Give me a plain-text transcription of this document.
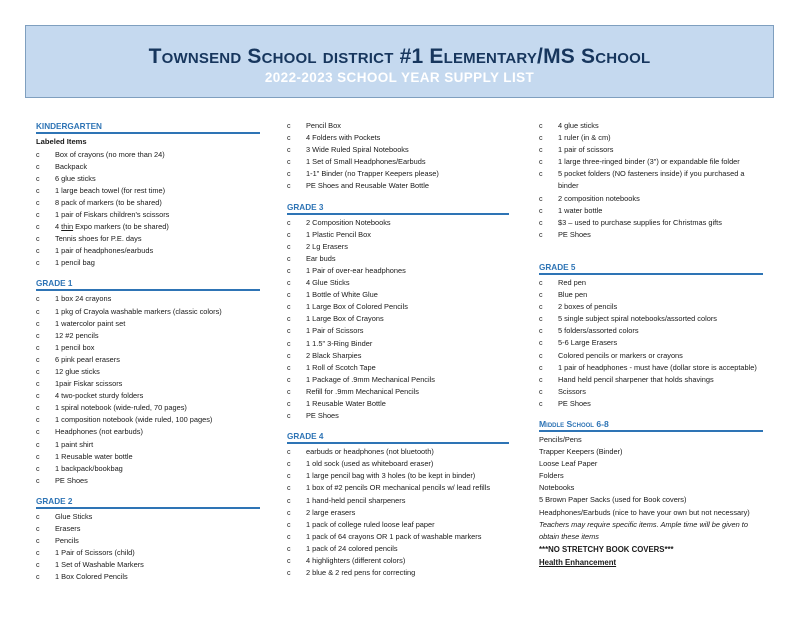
Townsend School district #1 Elementary/MS School
2022-2023 SCHOOL YEAR SUPPLY LIST
KINDERGARTEN
Labeled Items
c Box of crayons (no more than 24)
c Backpack
c 6 glue sticks
c 1 large beach towel (for rest time)
c 8 pack of markers (to be shared)
c 1 pair of Fiskars children's scissors
c 4 thin Expo markers (to be shared)
c Tennis shoes for P.E. days
c 1 pair of headphones/earbuds
c 1 pencil bag
GRADE 1
c 1 box 24 crayons
c 1 pkg of Crayola washable markers (classic colors)
c 1 watercolor paint set
c 12 #2 pencils
c 1 pencil box
c 6 pink pearl erasers
c 12 glue sticks
c 1pair Fiskar scissors
c 4 two-pocket sturdy folders
c 1 spiral notebook (wide-ruled, 70 pages)
c 1 composition notebook (wide ruled, 100 pages)
c Headphones (not earbuds)
c 1 paint shirt
c 1 Reusable water bottle
c 1 backpack/bookbag
c PE Shoes
GRADE 2
c Glue Sticks
c Erasers
c Pencils
c 1 Pair of Scissors (child)
c 1 Set of Washable Markers
c 1 Box Colored Pencils
c Pencil Box
c 4 Folders with Pockets
c 3 Wide Ruled Spiral Notebooks
c 1 Set of Small Headphones/Earbuds
c 1-1" Binder (no Trapper Keepers please)
c PE Shoes and Reusable Water Bottle
GRADE 3
c 2 Composition Notebooks
c 1 Plastic Pencil Box
c 2 Lg Erasers
c Ear buds
c 1 Pair of over-ear headphones
c 4 Glue Sticks
c 1 Bottle of White Glue
c 1 Large Box of Colored Pencils
c 1 Large Box of Crayons
c 1 Pair of Scissors
c 1 1.5" 3-Ring Binder
c 2 Black Sharpies
c 1 Roll of Scotch Tape
c 1 Package of .9mm Mechanical Pencils
c Refill for .9mm Mechanical Pencils
c 1 Reusable Water Bottle
c PE Shoes
GRADE 4
c earbuds or headphones (not bluetooth)
c 1 old sock (used as whiteboard eraser)
c 1 large pencil bag with 3 holes (to be kept in binder)
c 1 box of #2 pencils OR mechanical pencils w/ lead refills
c 1 hand-held pencil sharpeners
c 2 large erasers
c 1 pack of college ruled loose leaf paper
c 1 pack of 64 crayons OR 1 pack of washable markers
c 1 pack of 24 colored pencils
c 4 highlighters (different colors)
c 2 blue & 2 red pens for correcting
c 4 glue sticks
c 1 ruler (in & cm)
c 1 pair of scissors
c 1 large three-ringed binder (3") or expandable file folder
c 5 pocket folders (NO fasteners inside) if you purchased a binder
c 2 composition notebooks
c 1 water bottle
c $3 – used to purchase supplies for Christmas gifts
c PE Shoes
GRADE 5
c Red pen
c Blue pen
c 2 boxes of pencils
c 5 single subject spiral notebooks/assorted colors
c 5 folders/assorted colors
c 5-6 Large Erasers
c Colored pencils or markers or crayons
c 1 pair of headphones - must have (dollar store is acceptable)
c Hand held pencil sharpener that holds shavings
c Scissors
c PE Shoes
Middle School 6-8
Pencils/Pens
Trapper Keepers (Binder)
Loose Leaf Paper
Folders
Notebooks
5 Brown Paper Sacks (used for Book covers)
Headphones/Earbuds (nice to have your own but not necessary)
Teachers may require specific items. Ample time will be given to obtain these items
***NO STRETCHY BOOK COVERS***
Health Enhancement
